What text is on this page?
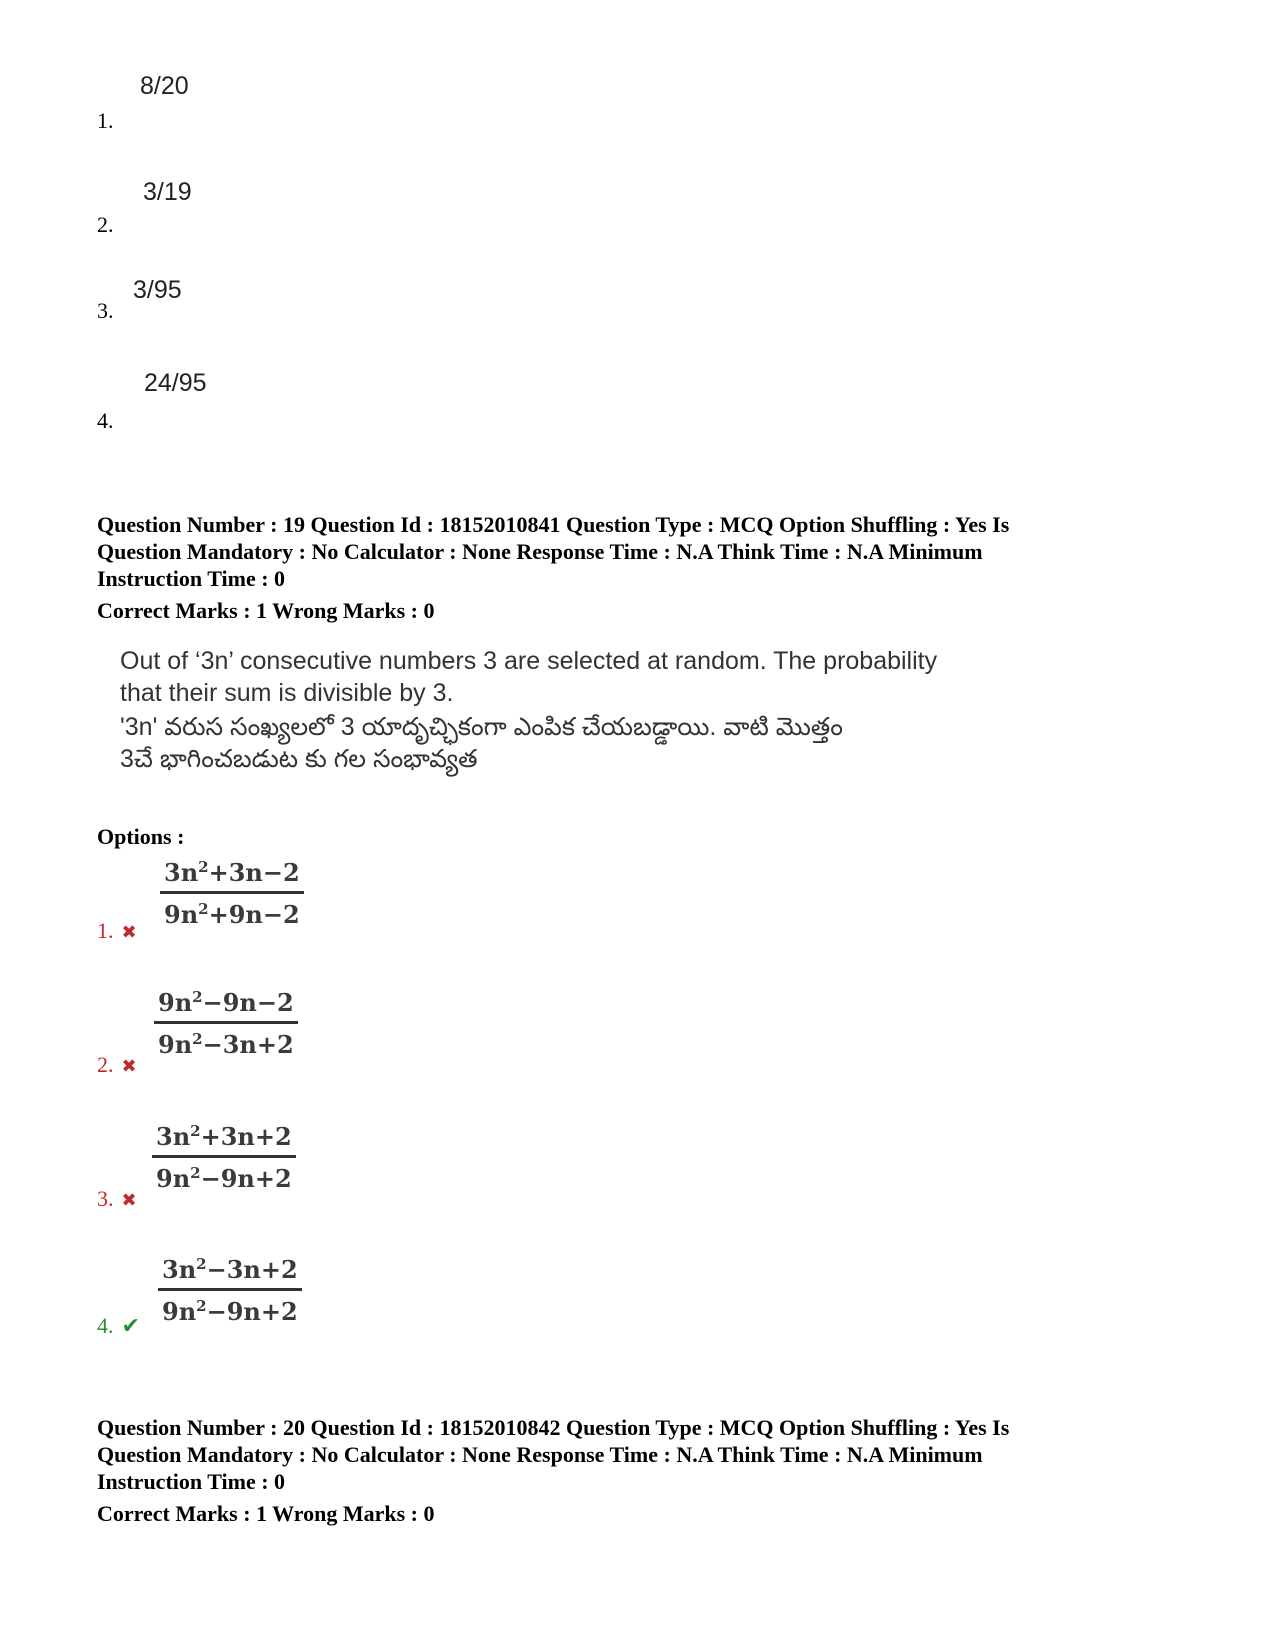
8/20
1.
3/19
2.
3/95
3.
24/95
4.
Question Number : 19 Question Id : 18152010841 Question Type : MCQ Option Shuffling : Yes Is
Question Mandatory : No Calculator : None Response Time : N.A Think Time : N.A Minimum
Instruction Time : 0
Correct Marks : 1 Wrong Marks : 0
Out of ‘3n’ consecutive numbers 3 are selected at random. The probability
that their sum is divisible by 3.
'3n' వరుస సంఖ్యలలో 3 యాదృచ్ఛికంగా ఎంపిక చేయబడ్డాయి. వాటి మొత్తం
3చే భాగించబడుట కు గల సంభావ్యత
Options :
$\frac{3n^2+3n-2}{9n^2+9n-2}$
1. ✖
$\frac{9n^2-9n-2}{9n^2-3n+2}$
2. ✖
$\frac{3n^2+3n+2}{9n^2-9n+2}$
3. ✖
$\frac{3n^2-3n+2}{9n^2-9n+2}$
4. ✔
Question Number : 20 Question Id : 18152010842 Question Type : MCQ Option Shuffling : Yes Is
Question Mandatory : No Calculator : None Response Time : N.A Think Time : N.A Minimum
Instruction Time : 0
Correct Marks : 1 Wrong Marks : 0
